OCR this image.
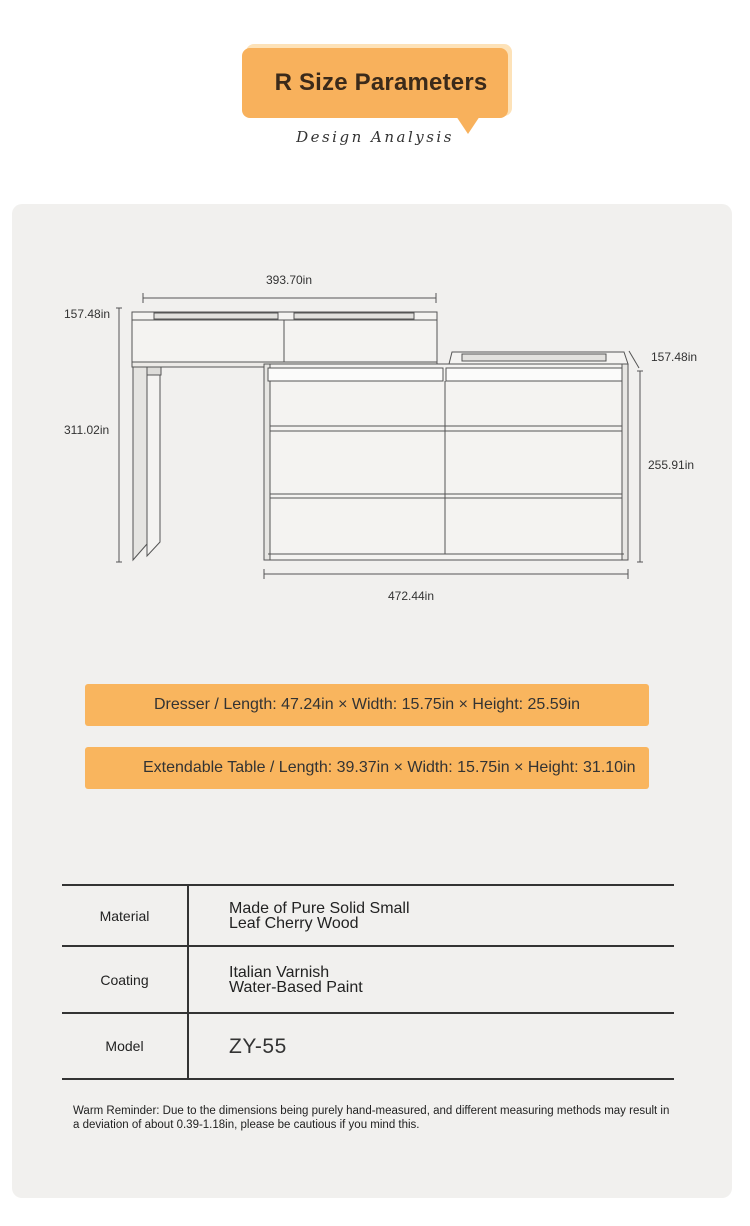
R Size Parameters
Design Analysis
393.70in
157.48in
311.02in
157.48in
255.91in
472.44in
Dresser / Length: 47.24in × Width: 15.75in × Height: 25.59in
Extendable Table / Length: 39.37in × Width: 15.75in × Height: 31.10in
Material	Made of Pure Solid Small
Leaf Cherry Wood
Coating	Italian Varnish
Water-Based Paint
Model	ZY-55
Warm Reminder: Due to the dimensions being purely hand-measured, and different measuring methods may result in a deviation of about 0.39-1.18in, please be cautious if you mind this.
